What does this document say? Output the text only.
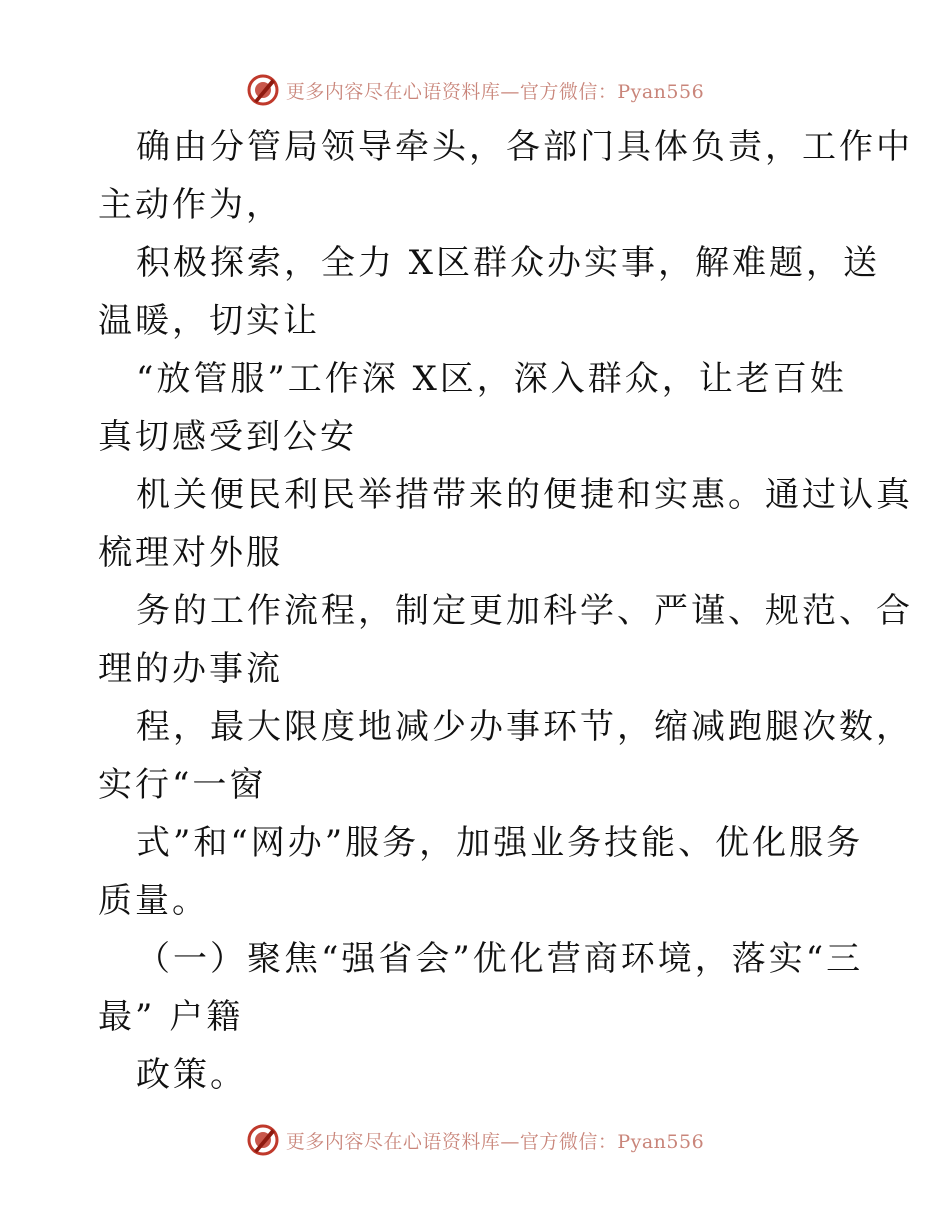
更多内容尽在心语资料库—官方微信：Pyan556
确由分管局领导牵头，各部门具体负责，工作中
主动作为，
积极探索，全力 X区群众办实事，解难题，送
温暖，切实让
“放管服”工作深 X区，深入群众，让老百姓
真切感受到公安
机关便民利民举措带来的便捷和实惠。通过认真
梳理对外服
务的工作流程，制定更加科学、严谨、规范、合
理的办事流
程，最大限度地减少办事环节，缩减跑腿次数，
实行“一窗
式”和“网办”服务，加强业务技能、优化服务
质量。
（一）聚焦“强省会”优化营商环境，落实“三
最” 户籍
政策。
更多内容尽在心语资料库—官方微信：Pyan556
